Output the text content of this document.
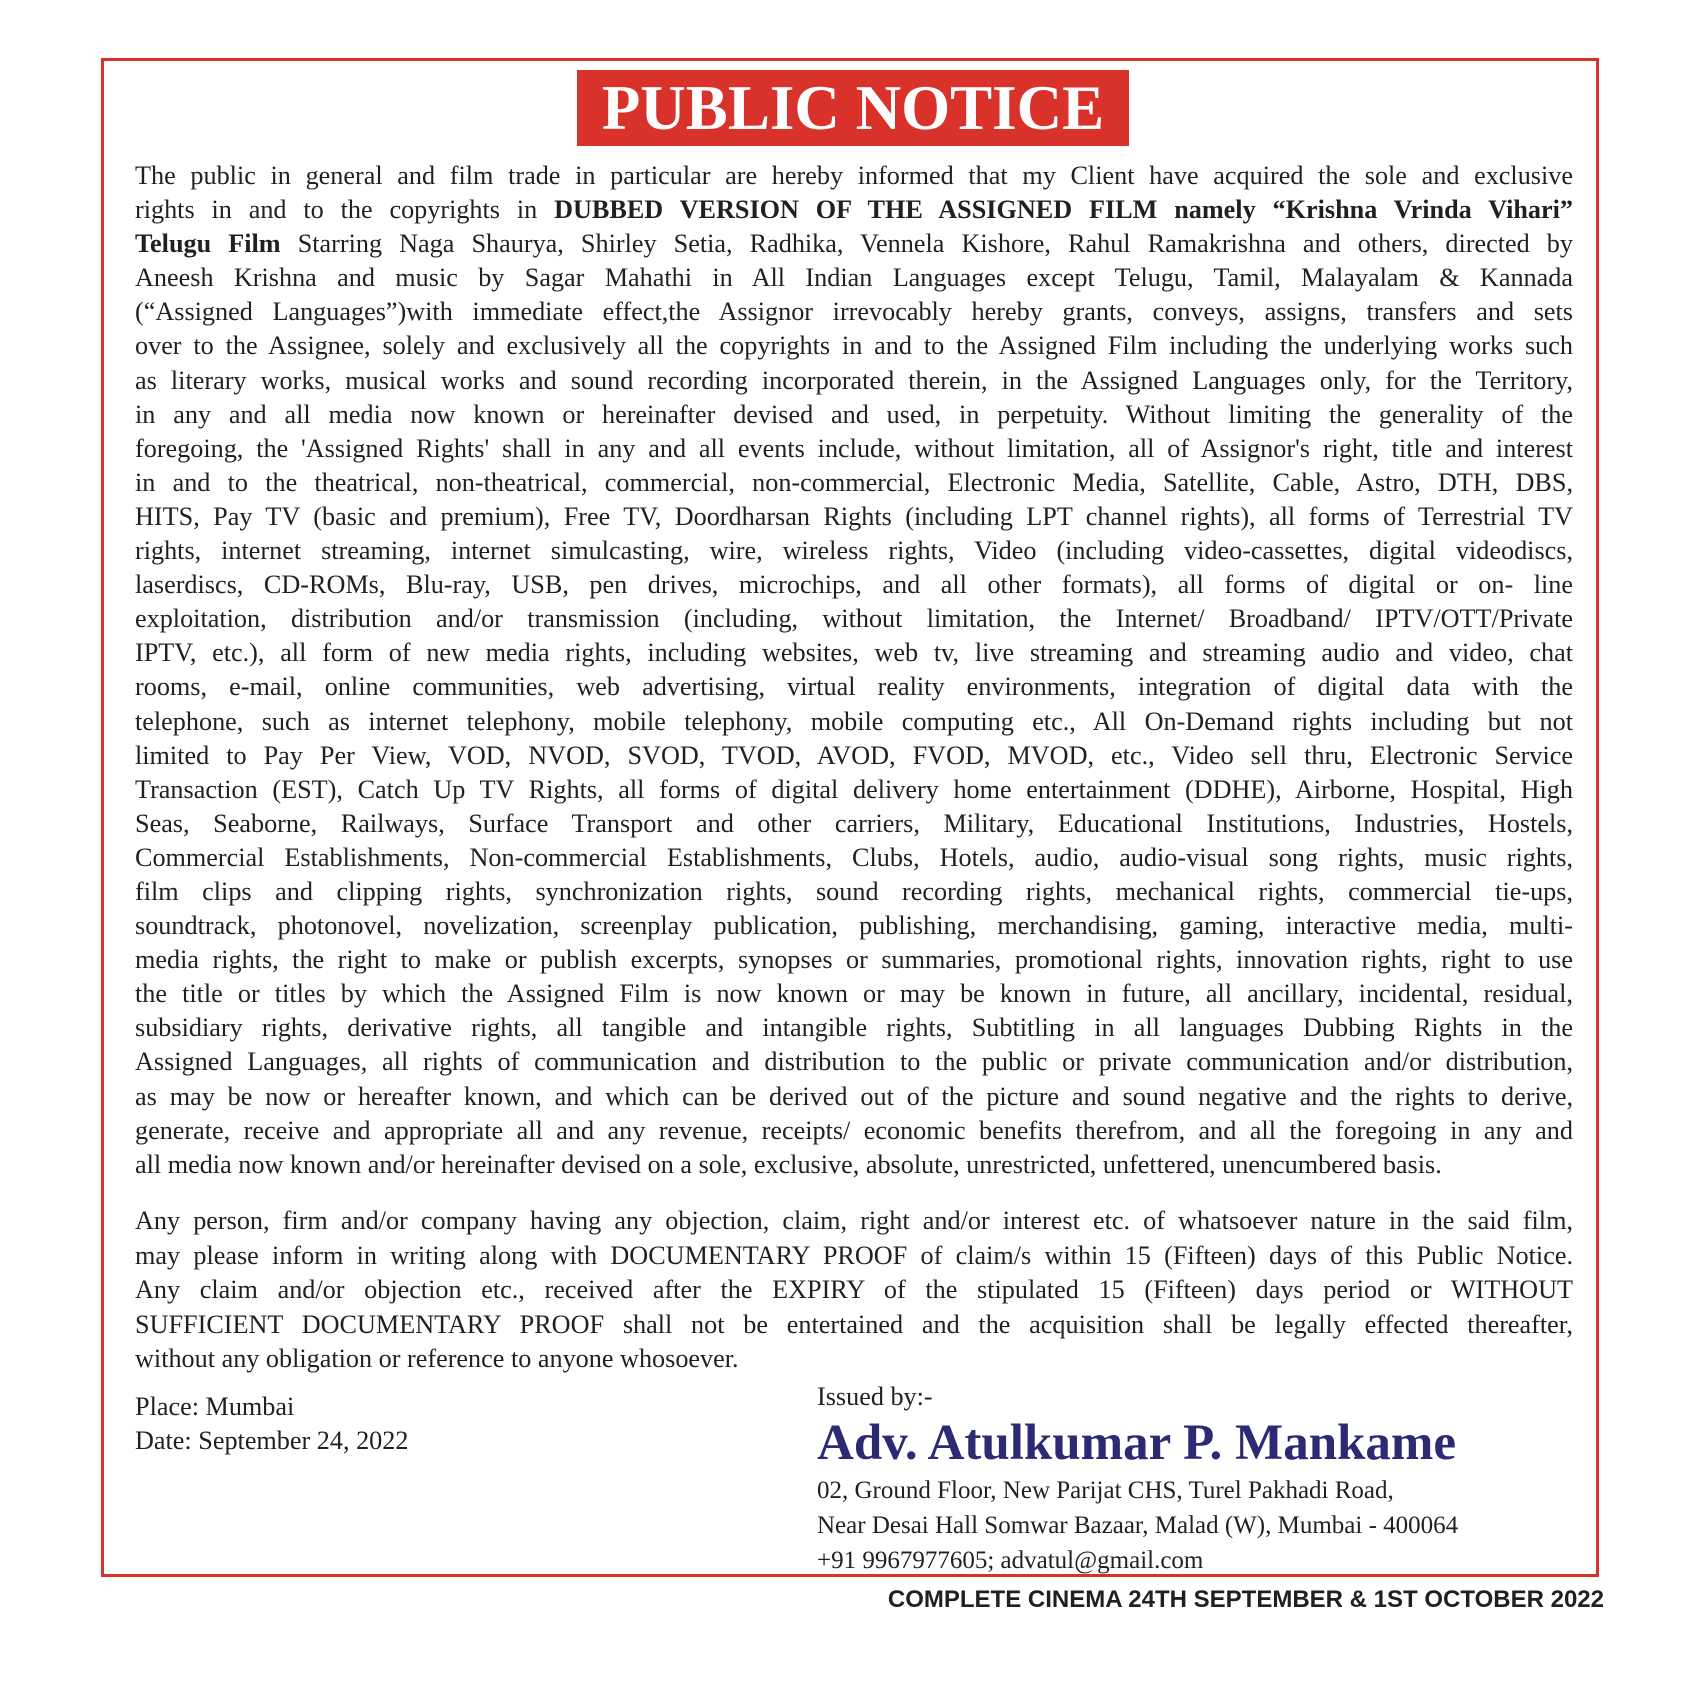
PUBLIC NOTICE
The public in general and film trade in particular are hereby informed that my Client have acquired the sole and exclusive
rights in and to the copyrights in DUBBED VERSION OF THE ASSIGNED FILM namely “Krishna Vrinda Vihari”
Telugu Film Starring Naga Shaurya, Shirley Setia, Radhika, Vennela Kishore, Rahul Ramakrishna and others, directed by
Aneesh Krishna and music by Sagar Mahathi in All Indian Languages except Telugu, Tamil, Malayalam & Kannada
(“Assigned Languages”)with immediate effect,the Assignor irrevocably hereby grants, conveys, assigns, transfers and sets
over to the Assignee, solely and exclusively all the copyrights in and to the Assigned Film including the underlying works such
as literary works, musical works and sound recording incorporated therein, in the Assigned Languages only, for the Territory,
in any and all media now known or hereinafter devised and used, in perpetuity. Without limiting the generality of the
foregoing, the 'Assigned Rights' shall in any and all events include, without limitation, all of Assignor's right, title and interest
in and to the theatrical, non-theatrical, commercial, non-commercial, Electronic Media, Satellite, Cable, Astro, DTH, DBS,
HITS, Pay TV (basic and premium), Free TV, Doordharsan Rights (including LPT channel rights), all forms of Terrestrial TV
rights, internet streaming, internet simulcasting, wire, wireless rights, Video (including video-cassettes, digital videodiscs,
laserdiscs, CD-ROMs, Blu-ray, USB, pen drives, microchips, and all other formats), all forms of digital or on- line
exploitation, distribution and/or transmission (including, without limitation, the Internet/ Broadband/ IPTV/OTT/Private
IPTV, etc.), all form of new media rights, including websites, web tv, live streaming and streaming audio and video, chat
rooms, e-mail, online communities, web advertising, virtual reality environments, integration of digital data with the
telephone, such as internet telephony, mobile telephony, mobile computing etc., All On-Demand rights including but not
limited to Pay Per View, VOD, NVOD, SVOD, TVOD, AVOD, FVOD, MVOD, etc., Video sell thru, Electronic Service
Transaction (EST), Catch Up TV Rights, all forms of digital delivery home entertainment (DDHE), Airborne, Hospital, High
Seas, Seaborne, Railways, Surface Transport and other carriers, Military, Educational Institutions, Industries, Hostels,
Commercial Establishments, Non-commercial Establishments, Clubs, Hotels, audio, audio-visual song rights, music rights,
film clips and clipping rights, synchronization rights, sound recording rights, mechanical rights, commercial tie-ups,
soundtrack, photonovel, novelization, screenplay publication, publishing, merchandising, gaming, interactive media, multi-
media rights, the right to make or publish excerpts, synopses or summaries, promotional rights, innovation rights, right to use
the title or titles by which the Assigned Film is now known or may be known in future, all ancillary, incidental, residual,
subsidiary rights, derivative rights, all tangible and intangible rights, Subtitling in all languages Dubbing Rights in the
Assigned Languages, all rights of communication and distribution to the public or private communication and/or distribution,
as may be now or hereafter known, and which can be derived out of the picture and sound negative and the rights to derive,
generate, receive and appropriate all and any revenue, receipts/ economic benefits therefrom, and all the foregoing in any and
all media now known and/or hereinafter devised on a sole, exclusive, absolute, unrestricted, unfettered, unencumbered basis.
Any person, firm and/or company having any objection, claim, right and/or interest etc. of whatsoever nature in the said film,
may please inform in writing along with DOCUMENTARY PROOF of claim/s within 15 (Fifteen) days of this Public Notice.
Any claim and/or objection etc., received after the EXPIRY of the stipulated 15 (Fifteen) days period or WITHOUT
SUFFICIENT DOCUMENTARY PROOF shall not be entertained and the acquisition shall be legally effected thereafter,
without any obligation or reference to anyone whosoever.
Place: Mumbai
Date: September 24, 2022
Issued by:-
Adv. Atulkumar P. Mankame
02, Ground Floor, New Parijat CHS, Turel Pakhadi Road,
Near Desai Hall Somwar Bazaar, Malad (W), Mumbai - 400064
+91 9967977605; advatul@gmail.com
COMPLETE CINEMA 24TH SEPTEMBER & 1ST OCTOBER 2022
